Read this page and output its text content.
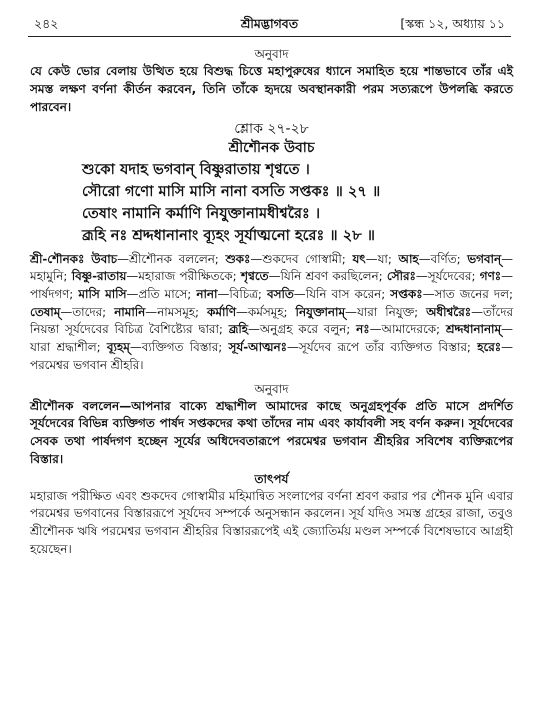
২৪২	শ্রীমদ্ভাগবত	[স্কন্ধ ১২, অধ্যায় ১১
অনুবাদ

যে কেউ ভোর বেলায় উত্থিত হয়ে বিশুদ্ধ চিত্তে মহাপুরুষের ধ্যানে সমাহিত হয়ে শান্তভাবে তাঁর এই সমস্ত লক্ষণ বর্ণনা কীর্তন করবেন, তিনি তাঁকে হৃদয়ে অবস্থানকারী পরম সত্যরূপে উপলব্ধি করতে পারবেন।

শ্লোক ২৭-২৮
শ্রীশৌনক উবাচ
শুকো যদাহ ভগবান্ বিষ্ণুরাতায় শৃণ্বতে ।
সৌরো গণো মাসি মাসি নানা বসতি সপ্তকঃ ॥ ২৭ ॥
তেষাং নামানি কর্মাণি নিযুক্তানামধীশ্বরৈঃ ।
ব্রূহি নঃ শ্রদ্দধানানাং ব্যূহং সূর্যাত্মনো হরেঃ ॥ ২৮ ॥

শ্রী-শৌনকঃ উবাচ—শ্রীশৌনক বললেন; শুকঃ—শুকদেব গোস্বামী; যৎ—যা; আহ—বর্ণিত; ভগবান্—মহামুনি; বিষ্ণু-রাতায়—মহারাজ পরীক্ষিতকে; শৃণ্বতে—যিনি শ্রবণ করছিলেন; সৌরঃ—সূর্যদেবের; গণঃ—পার্ষদগণ; মাসি মাসি—প্রতি মাসে; নানা—বিচিত্র; বসতি—যিনি বাস করেন; সপ্তকঃ—সাত জনের দল; তেষাম্—তাদের; নামানি—নামসমূহ; কর্মাণি—কর্মসমূহ; নিযুক্তানাম্—যারা নিযুক্ত; অধীশ্বরৈঃ—তাঁদের নিয়ন্তা সূর্যদেবের বিচিত্র বৈশিষ্ট্যের দ্বারা; ব্রূহি—অনুগ্রহ করে বলুন; নঃ—আমাদেরকে; শ্রদ্দধানানাম্—যারা শ্রদ্ধাশীল; ব্যূহম্—ব্যক্তিগত বিস্তার; সূর্য-আত্মনঃ—সূর্যদেব রূপে তাঁর ব্যক্তিগত বিস্তার; হরেঃ—পরমেশ্বর ভগবান শ্রীহরি।

অনুবাদ

শ্রীশৌনক বললেন—আপনার বাক্যে শ্রদ্ধাশীল আমাদের কাছে অনুগ্রহপূর্বক প্রতি মাসে প্রদর্শিত সূর্যদেবের বিভিন্ন ব্যক্তিগত পার্ষদ সপ্তকদের কথা তাঁদের নাম এবং কার্যাবলী সহ বর্ণন করুন। সূর্যদেবের সেবক তথা পার্ষদগণ হচ্ছেন সূর্যের অধিদেবতারূপে পরমেশ্বর ভগবান শ্রীহরির সবিশেষ ব্যক্তিরূপের বিস্তার।

তাৎপর্য

মহারাজ পরীক্ষিত এবং শুকদেব গোস্বামীর মহিমান্বিত সংলাপের বর্ণনা শ্রবণ করার পর শৌনক মুনি এবার পরমেশ্বর ভগবানের বিস্তাররূপে সূর্যদেব সম্পর্কে অনুসন্ধান করলেন। সূর্য যদিও সমস্ত গ্রহের রাজা, তবুও শ্রীশৌনক ঋষি পরমেশ্বর ভগবান শ্রীহরির বিস্তাররূপেই এই জ্যোতির্ময় মণ্ডল সম্পর্কে বিশেষভাবে আগ্রহী হয়েছেন।
